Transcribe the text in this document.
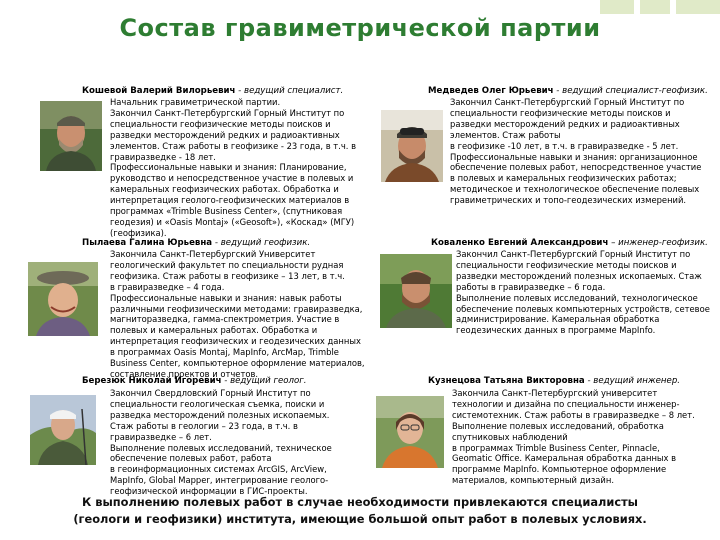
Состав гравиметрической партии
Кошевой Валерий Вилорьевич - ведущий специалист.
Начальник гравиметрической партии.
Закончил Санкт-Петербургский Горный Институт по
специальности геофизические методы поисков и
разведки месторождений редких и радиоактивных
элементов. Стаж работы в геофизике - 23 года, в т.ч. в
гравиразведке - 18 лет.
Профессиональные навыки и знания: Планирование,
руководство и непосредственное участие в полевых и
камеральных геофизических работах. Обработка и
интерпретация геолого-геофизических материалов в
программах «Trimble Business Center», (спутниковая
геодезия) и «Oasis Montaj» («Geosoft»), «Коскад» (МГУ)
(геофизика).
Медведев Олег Юрьевич - ведущий специалист-геофизик.
Закончил Санкт-Петербургский Горный Институт по
специальности геофизические методы поисков и
разведки месторождений редких и радиоактивных
элементов. Стаж работы
в геофизике -10 лет, в т.ч. в гравиразведке - 5 лет.
Профессиональные навыки и знания: организационное
обеспечение полевых работ, непосредственное участие
в полевых и камеральных геофизических работах;
методическое и технологическое обеспечение полевых
гравиметрических и топо-геодезических измерений.
Пылаева Галина Юрьевна - ведущий геофизик.
Закончила Санкт-Петербургский Университет
геологический факультет по специальности рудная
геофизика. Стаж работы в геофизике – 13 лет, в т.ч.
в гравиразведке – 4 года.
Профессиональные навыки и знания: навык работы
различными геофизическими методами: гравиразведка,
магниторазведка, гамма-спектрометрия. Участие в
полевых и камеральных работах. Обработка и
интерпретация геофизических и геодезических данных
в программах Oasis Montaj, MapInfo, ArcMap, Trimble
Business Center, компьютерное оформление материалов,
составление проектов и отчетов.
Коваленко Евгений Александрович – инженер-геофизик.
Закончил Санкт-Петербургский Горный Институт по
специальности геофизические методы поисков и
разведки месторождений полезных ископаемых. Стаж
работы в гравиразведке – 6 года.
Выполнение полевых исследований, технологическое
обеспечение полевых компьютерных устройств, сетевое
администрирование. Камеральная обработка
геодезических данных в программе MapInfo.
Березюк Николай Игоревич - ведущий геолог.
Закончил Свердловский Горный Институт по
специальности геологическая съемка, поиски и
разведка месторождений полезных ископаемых.
Стаж работы в геологии – 23 года, в т.ч. в
гравиразведке – 6 лет.
Выполнение полевых исследований, техническое
обеспечение полевых работ, работа
в геоинформационных системах ArcGIS, ArcView,
MapInfo, Global Mapper, интегрирование геолого-
геофизической информации в ГИС-проекты.
Кузнецова Татьяна Викторовна - ведущий инженер.
Закончила Санкт-Петербургский университет
технологии и дизайна по специальности инженер-
системотехник. Стаж работы в гравиразведке – 8 лет.
Выполнение полевых исследований, обработка
спутниковых наблюдений
в программах Trimble Business Center, Pinnacle,
Geomatic Office. Камеральная обработка данных в
программе MapInfo. Компьютерное оформление
материалов, компьютерный дизайн.
К выполнению полевых работ в случае необходимости привлекаются специалисты
(геологи и геофизики) института, имеющие большой опыт работ в полевых условиях.
